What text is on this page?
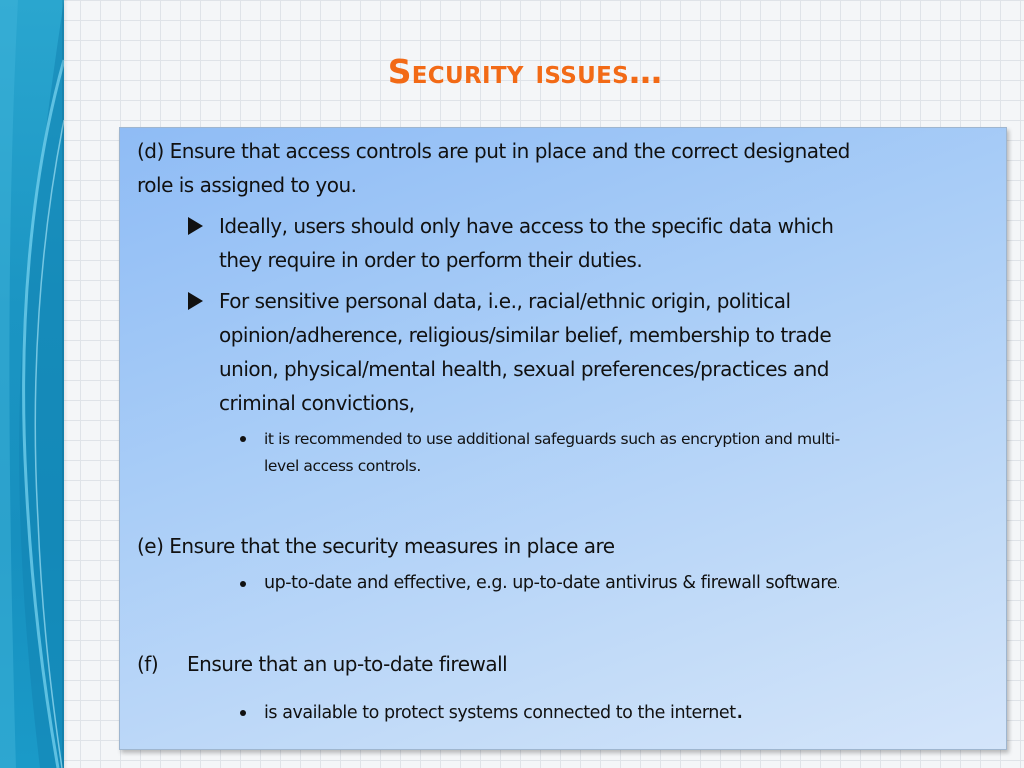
Security issues…

(d) Ensure that access controls are put in place and the correct designated

role is assigned to you.

Ideally, users should only have access to the specific data which

they require in order to perform their duties.

For sensitive personal data, i.e., racial/ethnic origin, political

opinion/adherence, religious/similar belief, membership to trade

union, physical/mental health, sexual preferences/practices and

criminal convictions,

it is recommended to use additional safeguards such as encryption and multi-

level access controls.

(e) Ensure that the security measures in place are

up-to-date and effective, e.g. up-to-date antivirus & firewall software.

(f) Ensure that an up-to-date firewall

is available to protect systems connected to the internet.
